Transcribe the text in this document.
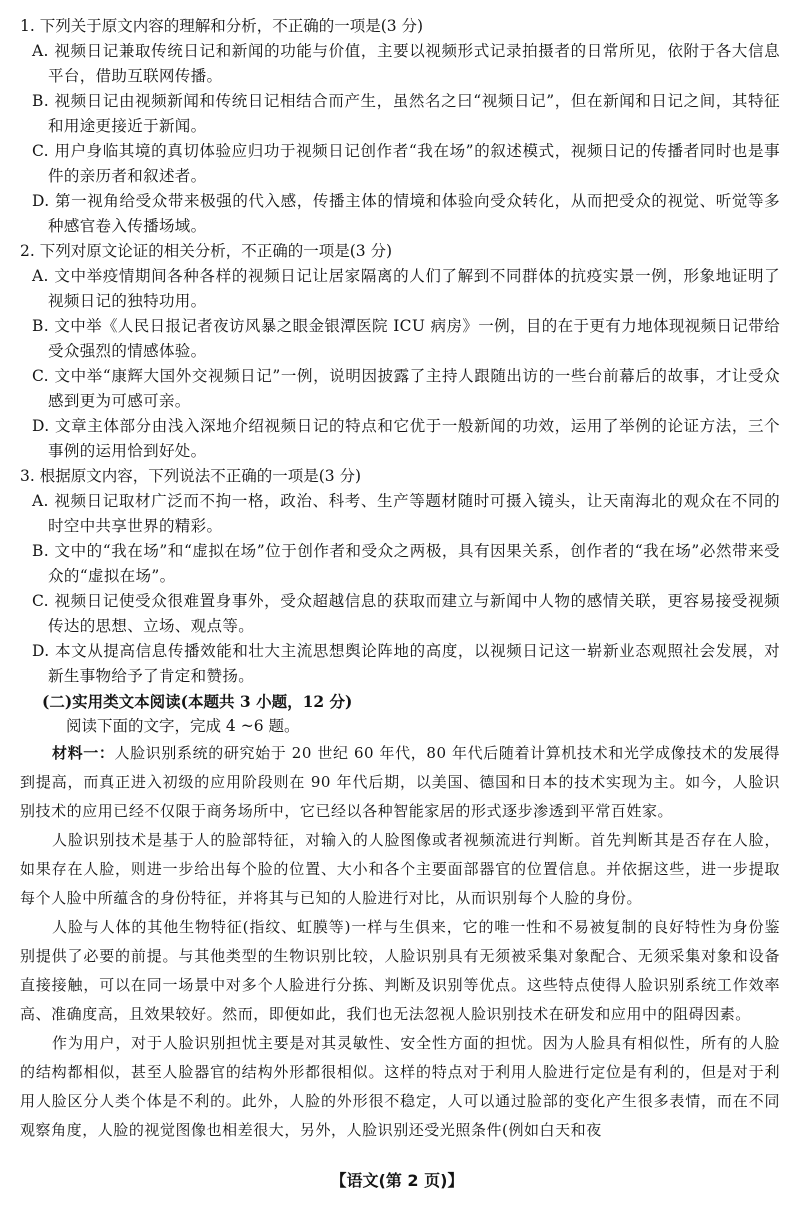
1. 下列关于原文内容的理解和分析，不正确的一项是(3 分)
A. 视频日记兼取传统日记和新闻的功能与价值，主要以视频形式记录拍摄者的日常所见，依附于各大信息平台，借助互联网传播。
B. 视频日记由视频新闻和传统日记相结合而产生，虽然名之曰“视频日记”，但在新闻和日记之间，其特征和用途更接近于新闻。
C. 用户身临其境的真切体验应归功于视频日记创作者“我在场”的叙述模式，视频日记的传播者同时也是事件的亲历者和叙述者。
D. 第一视角给受众带来极强的代入感，传播主体的情境和体验向受众转化，从而把受众的视觉、听觉等多种感官卷入传播场域。
2. 下列对原文论证的相关分析，不正确的一项是(3 分)
A. 文中举疫情期间各种各样的视频日记让居家隔离的人们了解到不同群体的抗疫实景一例，形象地证明了视频日记的独特功用。
B. 文中举《人民日报记者夜访风暴之眼金银潭医院 ICU 病房》一例，目的在于更有力地体现视频日记带给受众强烈的情感体验。
C. 文中举“康辉大国外交视频日记”一例，说明因披露了主持人跟随出访的一些台前幕后的故事，才让受众感到更为可感可亲。
D. 文章主体部分由浅入深地介绍视频日记的特点和它优于一般新闻的功效，运用了举例的论证方法，三个事例的运用恰到好处。
3. 根据原文内容，下列说法不正确的一项是(3 分)
A. 视频日记取材广泛而不拘一格，政治、科考、生产等题材随时可摄入镜头，让天南海北的观众在不同的时空中共享世界的精彩。
B. 文中的“我在场”和“虚拟在场”位于创作者和受众之两极，具有因果关系，创作者的“我在场”必然带来受众的“虚拟在场”。
C. 视频日记使受众很难置身事外，受众超越信息的获取而建立与新闻中人物的感情关联，更容易接受视频传达的思想、立场、观点等。
D. 本文从提高信息传播效能和壮大主流思想舆论阵地的高度，以视频日记这一崭新业态观照社会发展，对新生事物给予了肯定和赞扬。
(二)实用类文本阅读(本题共 3 小题，12 分)
阅读下面的文字，完成 4 ~6 题。

材料一：人脸识别系统的研究始于 20 世纪 60 年代，80 年代后随着计算机技术和光学成像技术的发展得到提高，而真正进入初级的应用阶段则在 90 年代后期，以美国、德国和日本的技术实现为主。如今，人脸识别技术的应用已经不仅限于商务场所中，它已经以各种智能家居的形式逐步渗透到平常百姓家。

人脸识别技术是基于人的脸部特征，对输入的人脸图像或者视频流进行判断。首先判断其是否存在人脸，如果存在人脸，则进一步给出每个脸的位置、大小和各个主要面部器官的位置信息。并依据这些，进一步提取每个人脸中所蕴含的身份特征，并将其与已知的人脸进行对比，从而识别每个人脸的身份。

人脸与人体的其他生物特征(指纹、虹膜等)一样与生俱来，它的唯一性和不易被复制的良好特性为身份鉴别提供了必要的前提。与其他类型的生物识别比较，人脸识别具有无须被采集对象配合、无须采集对象和设备直接接触，可以在同一场景中对多个人脸进行分拣、判断及识别等优点。这些特点使得人脸识别系统工作效率高、准确度高，且效果较好。然而，即便如此，我们也无法忽视人脸识别技术在研发和应用中的阻碍因素。

作为用户，对于人脸识别担忧主要是对其灵敏性、安全性方面的担忧。因为人脸具有相似性，所有的人脸的结构都相似，甚至人脸器官的结构外形都很相似。这样的特点对于利用人脸进行定位是有利的，但是对于利用人脸区分人类个体是不利的。此外，人脸的外形很不稳定，人可以通过脸部的变化产生很多表情，而在不同观察角度，人脸的视觉图像也相差很大，另外，人脸识别还受光照条件(例如白天和夜

【语文(第 2 页)】
